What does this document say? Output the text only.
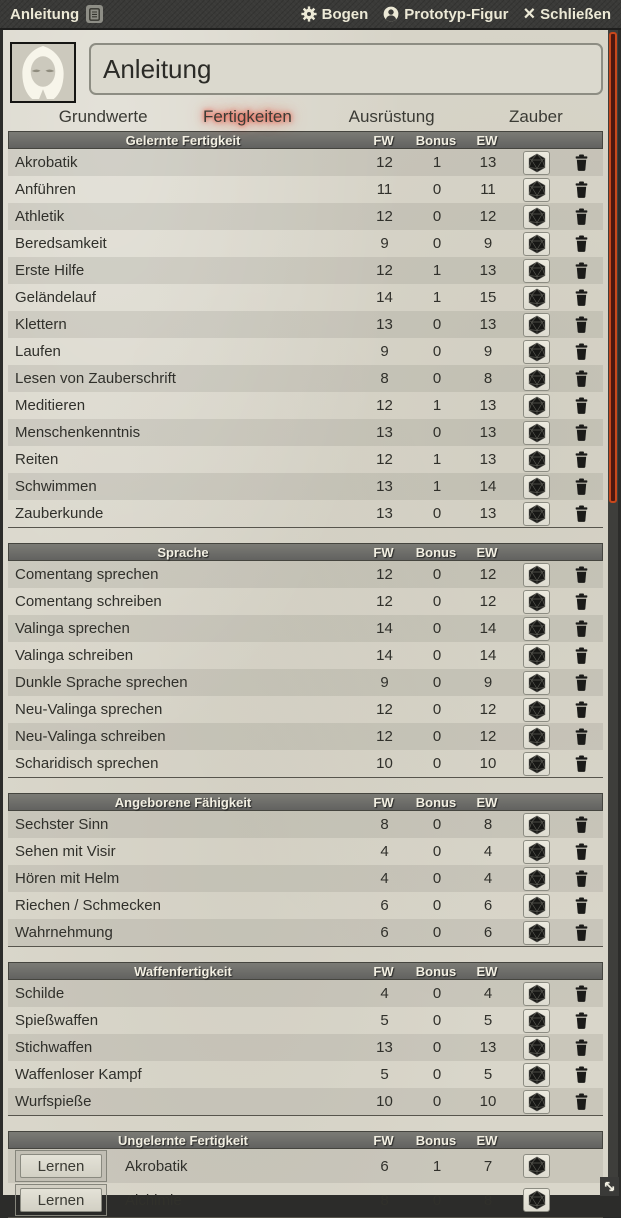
Anleitung	Bogen Prototyp-Figur × Schließen
Anleitung
Grundwerte	Fertigkeiten	Ausrüstung	Zauber
Gelernte Fertigkeit	FW	Bonus	EW
Akrobatik	12	1	13
Anführen	11	0	11
Athletik	12	0	12
Beredsamkeit	9	0	9
Erste Hilfe	12	1	13
Geländelauf	14	1	15
Klettern	13	0	13
Laufen	9	0	9
Lesen von Zauberschrift	8	0	8
Meditieren	12	1	13
Menschenkenntnis	13	0	13
Reiten	12	1	13
Schwimmen	13	1	14
Zauberkunde	13	0	13
Sprache	FW	Bonus	EW
Comentang sprechen	12	0	12
Comentang schreiben	12	0	12
Valinga sprechen	14	0	14
Valinga schreiben	14	0	14
Dunkle Sprache sprechen	9	0	9
Neu-Valinga sprechen	12	0	12
Neu-Valinga schreiben	12	0	12
Scharidisch sprechen	10	0	10
Angeborene Fähigkeit	FW	Bonus	EW
Sechster Sinn	8	0	8
Sehen mit Visir	4	0	4
Hören mit Helm	4	0	4
Riechen / Schmecken	6	0	6
Wahrnehmung	6	0	6
Waffenfertigkeit	FW	Bonus	EW
Schilde	4	0	4
Spießwaffen	5	0	5
Stichwaffen	13	0	13
Waffenloser Kampf	5	0	5
Wurfspieße	10	0	10
Ungelernte Fertigkeit	FW	Bonus	EW
Lernen	Akrobatik	6	1	7
Lernen	Alchimie	8	0	8
